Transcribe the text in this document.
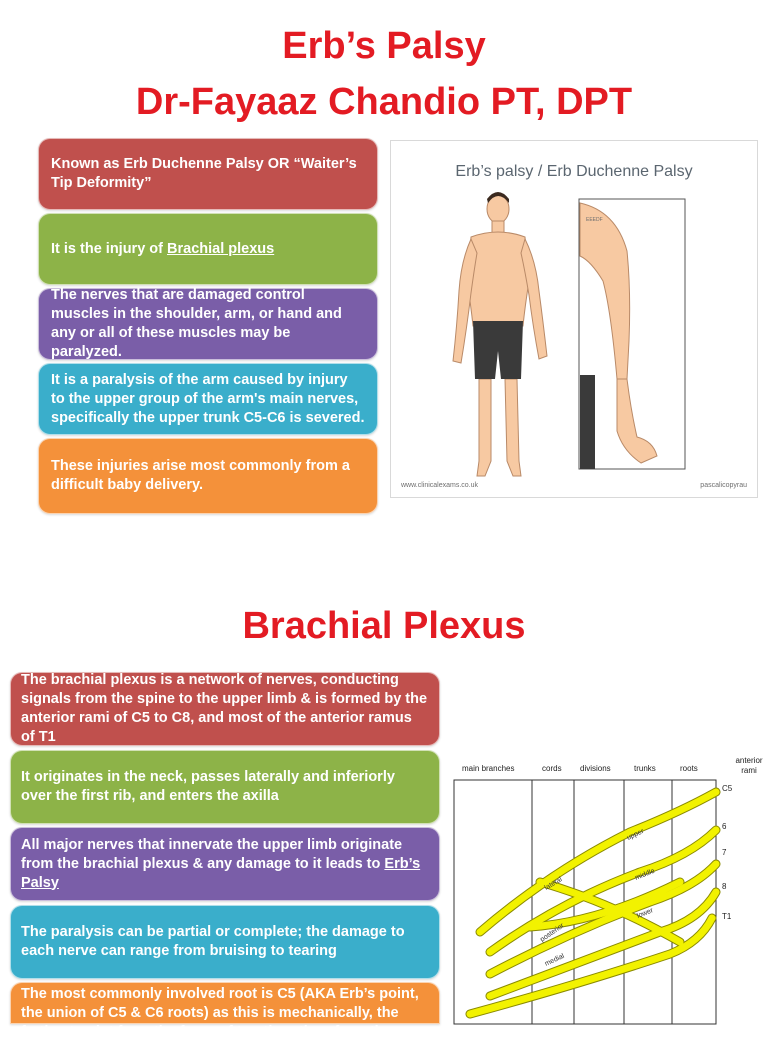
Erb’s Palsy
Dr-Fayaaz Chandio PT, DPT
Known as Erb Duchenne Palsy OR “Waiter’s Tip Deformity”
It is the injury of Brachial plexus
The nerves that are damaged control muscles in the shoulder, arm, or hand and any or all of these muscles may be paralyzed.
It is a paralysis of the arm caused by injury to the upper group of the arm's main nerves, specifically the upper trunk C5-C6 is severed.
These injuries arise most commonly from a difficult baby delivery.
Erb’s palsy / Erb Duchenne Palsy
EEEDF
www.clinicalexams.co.uk	pascalicopyrau
Brachial Plexus
The brachial plexus is a network of nerves, conducting signals from the spine to the upper limb & is formed by the anterior rami of C5 to C8, and most of the anterior ramus of T1
It originates in the neck, passes laterally and inferiorly over the first rib, and enters the axilla
All major nerves that innervate the upper limb originate from the brachial plexus & any damage to it leads to Erb’s Palsy
The paralysis can be partial or complete; the damage to each nerve can range from bruising to tearing
The most commonly involved root is C5 (AKA Erb’s point, the union of C5 & C6 roots) as this is mechanically, the farthest point from the force of traction; therefore, the
main branches	cords divisions	trunks	roots
anterior rami
upper
middle
lower
lateral
posterior
medial
C5
6
7
8
T1
